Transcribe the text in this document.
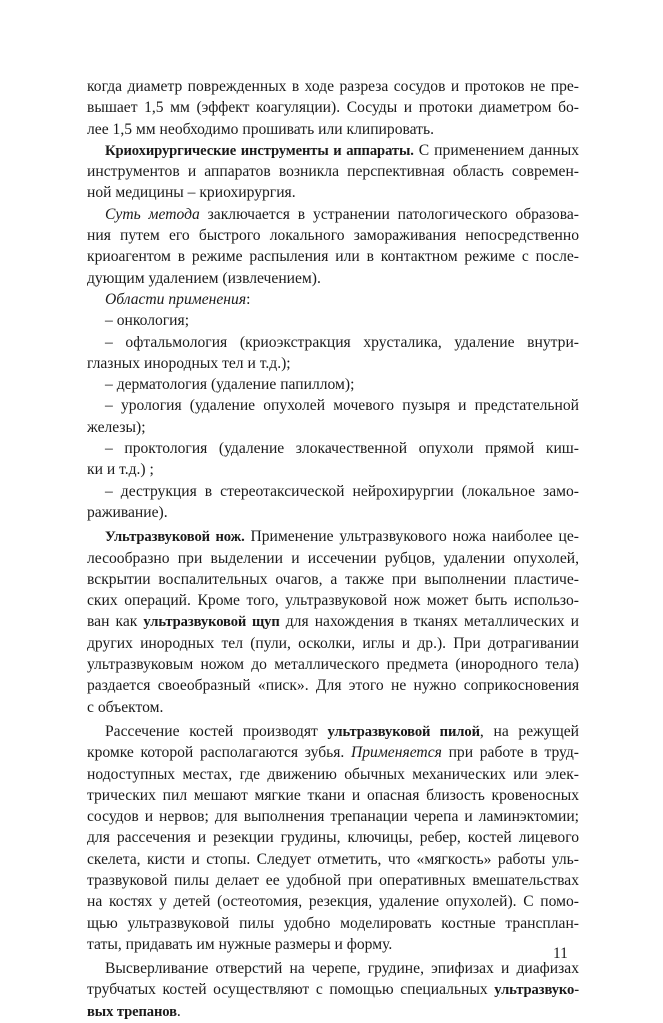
когда диаметр поврежденных в ходе разреза сосудов и протоков не пре-
вышает 1,5 мм (эффект коагуляции). Сосуды и протоки диаметром бо-
лее 1,5 мм необходимо прошивать или клипировать.
Криохирургические инструменты и аппараты. С применением данных
инструментов и аппаратов возникла перспективная область современ-
ной медицины – криохирургия.
Суть метода заключается в устранении патологического образова-
ния путем его быстрого локального замораживания непосредственно
криоагентом в режиме распыления или в контактном режиме с после-
дующим удалением (извлечением).
Области применения:
– онкология;
– офтальмология (криоэкстракция хрусталика, удаление внутри-
глазных инородных тел и т.д.);
– дерматология (удаление папиллом);
– урология (удаление опухолей мочевого пузыря и предстательной
железы);
– проктология (удаление злокачественной опухоли прямой киш-
ки и т.д.) ;
– деструкция в стереотаксической нейрохирургии (локальное замо-
раживание).
Ультразвуковой нож. Применение ультразвукового ножа наиболее це-
лесообразно при выделении и иссечении рубцов, удалении опухолей,
вскрытии воспалительных очагов, а также при выполнении пластиче-
ских операций. Кроме того, ультразвуковой нож может быть использо-
ван как ультразвуковой щуп для нахождения в тканях металлических и
других инородных тел (пули, осколки, иглы и др.). При дотрагивании
ультразвуковым ножом до металлического предмета (инородного тела)
раздается своеобразный «писк». Для этого не нужно соприкосновения
с объектом.
Рассечение костей производят ультразвуковой пилой, на режущей
кромке которой располагаются зубья. Применяется при работе в труд-
нодоступных местах, где движению обычных механических или элек-
трических пил мешают мягкие ткани и опасная близость кровеносных
сосудов и нервов; для выполнения трепанации черепа и ламинэктомии;
для рассечения и резекции грудины, ключицы, ребер, костей лицевого
скелета, кисти и стопы. Следует отметить, что «мягкость» работы уль-
тразвуковой пилы делает ее удобной при оперативных вмешательствах
на костях у детей (остеотомия, резекция, удаление опухолей). С помо-
щью ультразвуковой пилы удобно моделировать костные трансплан-
таты, придавать им нужные размеры и форму.
Высверливание отверстий на черепе, грудине, эпифизах и диафизах
трубчатых костей осуществляют с помощью специальных ультразвуко-
вых трепанов.
11
